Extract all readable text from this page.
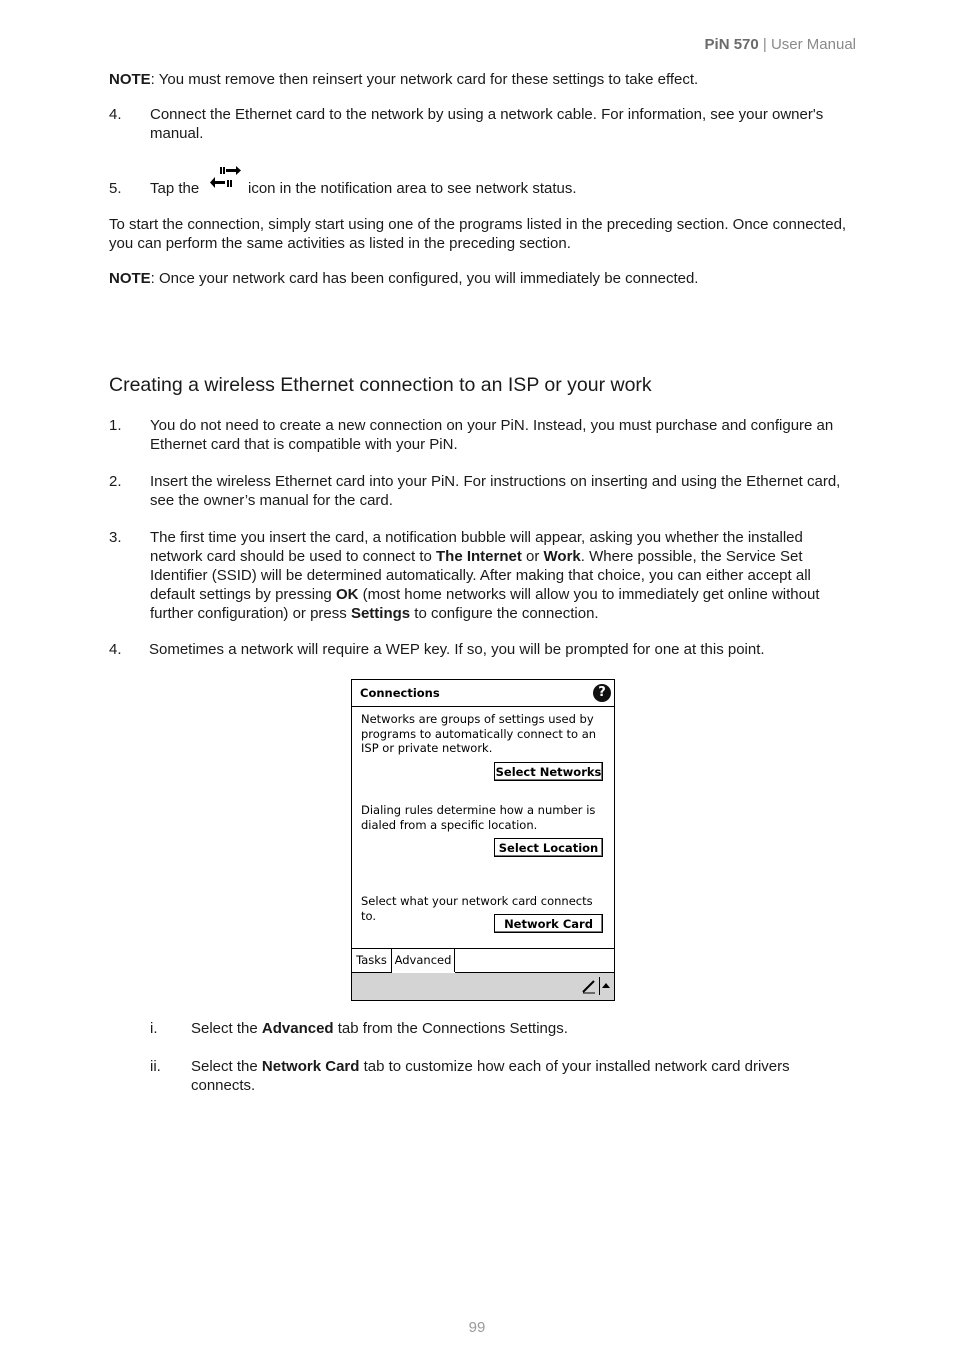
PiN 570 | User Manual
NOTE: You must remove then reinsert your network card for these settings to take effect.
4. Connect the Ethernet card to the network by using a network cable. For information, see your owner's manual.
5. Tap the	icon in the notification area to see network status.
To start the connection, simply start using one of the programs listed in the preceding section. Once connected, you can perform the same activities as listed in the preceding section.
NOTE: Once your network card has been configured, you will immediately be connected.
Creating a wireless Ethernet connection to an ISP or your work
1. You do not need to create a new connection on your PiN. Instead, you must purchase and configure an Ethernet card that is compatible with your PiN.
2. Insert the wireless Ethernet card into your PiN. For instructions on inserting and using the Ethernet card, see the owner’s manual for the card.
3. The first time you insert the card, a notification bubble will appear, asking you whether the installed network card should be used to connect to The Internet or Work. Where possible, the Service Set Identifier (SSID) will be determined automatically. After making that choice, you can either accept all default settings by pressing OK (most home networks will allow you to immediately get online without further configuration) or press Settings to configure the connection.
4. Sometimes a network will require a WEP key. If so, you will be prompted for one at this point.
Connections	?
Networks are groups of settings used by programs to automatically connect to an ISP or private network.
Select Networks
Dialing rules determine how a number is dialed from a specific location.
Select Location
Select what your network card connects to.
Network Card
Tasks Advanced
i. Select the Advanced tab from the Connections Settings.
ii. Select the Network Card tab to customize how each of your installed network card drivers connects.
99
